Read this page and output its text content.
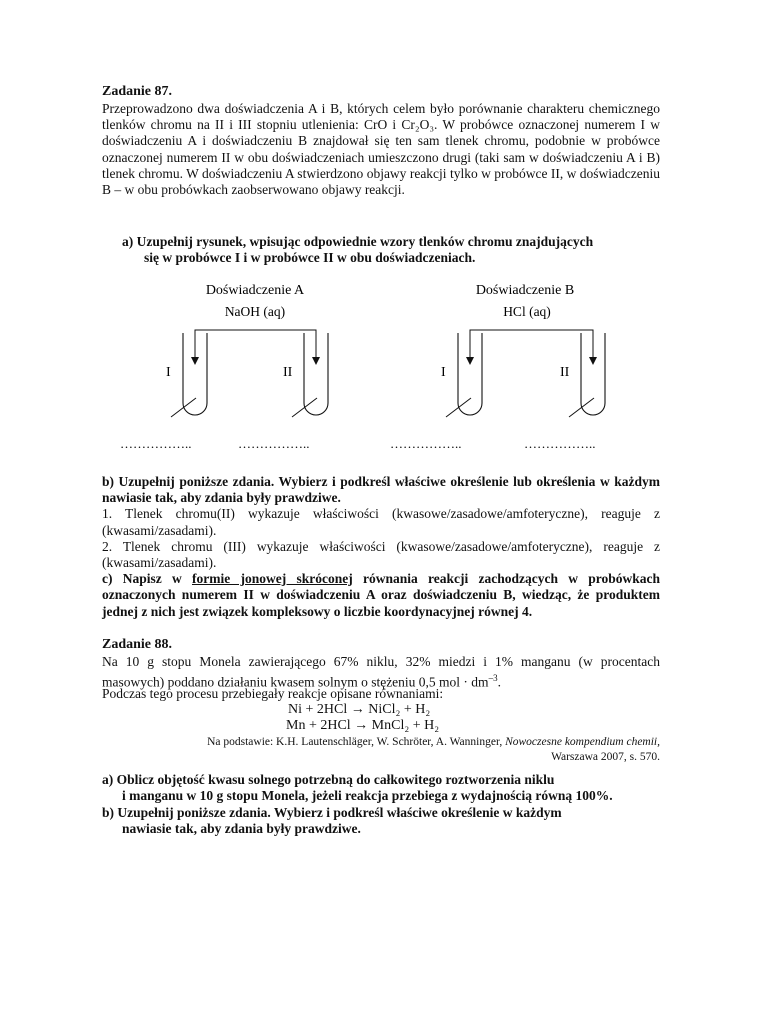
Zadanie 87.
Przeprowadzono dwa doświadczenia A i B, których celem było porównanie charakteru chemicznego tlenków chromu na II i III stopniu utlenienia: CrO i Cr₂O₃. W probówce oznaczonej numerem I w doświadczeniu A i doświadczeniu B znajdował się ten sam tlenek chromu, podobnie w probówce oznaczonej numerem II w obu doświadczeniach umieszczono drugi (taki sam w doświadczeniu A i B) tlenek chromu. W doświadczeniu A stwierdzono objawy reakcji tylko w probówce II, w doświadczeniu B – w obu probówkach zaobserwowano objawy reakcji.
a) Uzupełnij rysunek, wpisując odpowiednie wzory tlenków chromu znajdujących
się w probówce I i w probówce II w obu doświadczeniach.
Doświadczenie A
NaOH (aq)
I	II
Doświadczenie B
HCl (aq)
I	II
……………..	……………..	……………..	……………..
b) Uzupełnij poniższe zdania. Wybierz i podkreśl właściwe określenie lub określenia w każdym nawiasie tak, aby zdania były prawdziwe.
1. Tlenek chromu(II) wykazuje właściwości (kwasowe/zasadowe/amfoteryczne), reaguje z (kwasami/zasadami).
2. Tlenek chromu (III) wykazuje właściwości (kwasowe/zasadowe/amfoteryczne), reaguje z (kwasami/zasadami).
c) Napisz w formie jonowej skróconej równania reakcji zachodzących w probówkach oznaczonych numerem II w doświadczeniu A oraz doświadczeniu B, wiedząc, że produktem jednej z nich jest związek kompleksowy o liczbie koordynacyjnej równej 4.
Zadanie 88.
Na 10 g stopu Monela zawierającego 67% niklu, 32% miedzi i 1% manganu (w procentach masowych) poddano działaniu kwasem solnym o stężeniu 0,5 mol · $dm^{-3}$.
Podczas tego procesu przebiegały reakcje opisane równaniami:
Ni + 2HCl → NiCl₂ + H₂
Mn + 2HCl → MnCl₂ + H₂
Na podstawie: K.H. Lautenschläger, W. Schröter, A. Wanninger, Nowoczesne kompendium chemii,
Warszawa 2007, s. 570.
a) Oblicz objętość kwasu solnego potrzebną do całkowitego roztworzenia niklu
i manganu w 10 g stopu Monela, jeżeli reakcja przebiega z wydajnością równą 100%.
b) Uzupełnij poniższe zdania. Wybierz i podkreśl właściwe określenie w każdym
nawiasie tak, aby zdania były prawdziwe.
